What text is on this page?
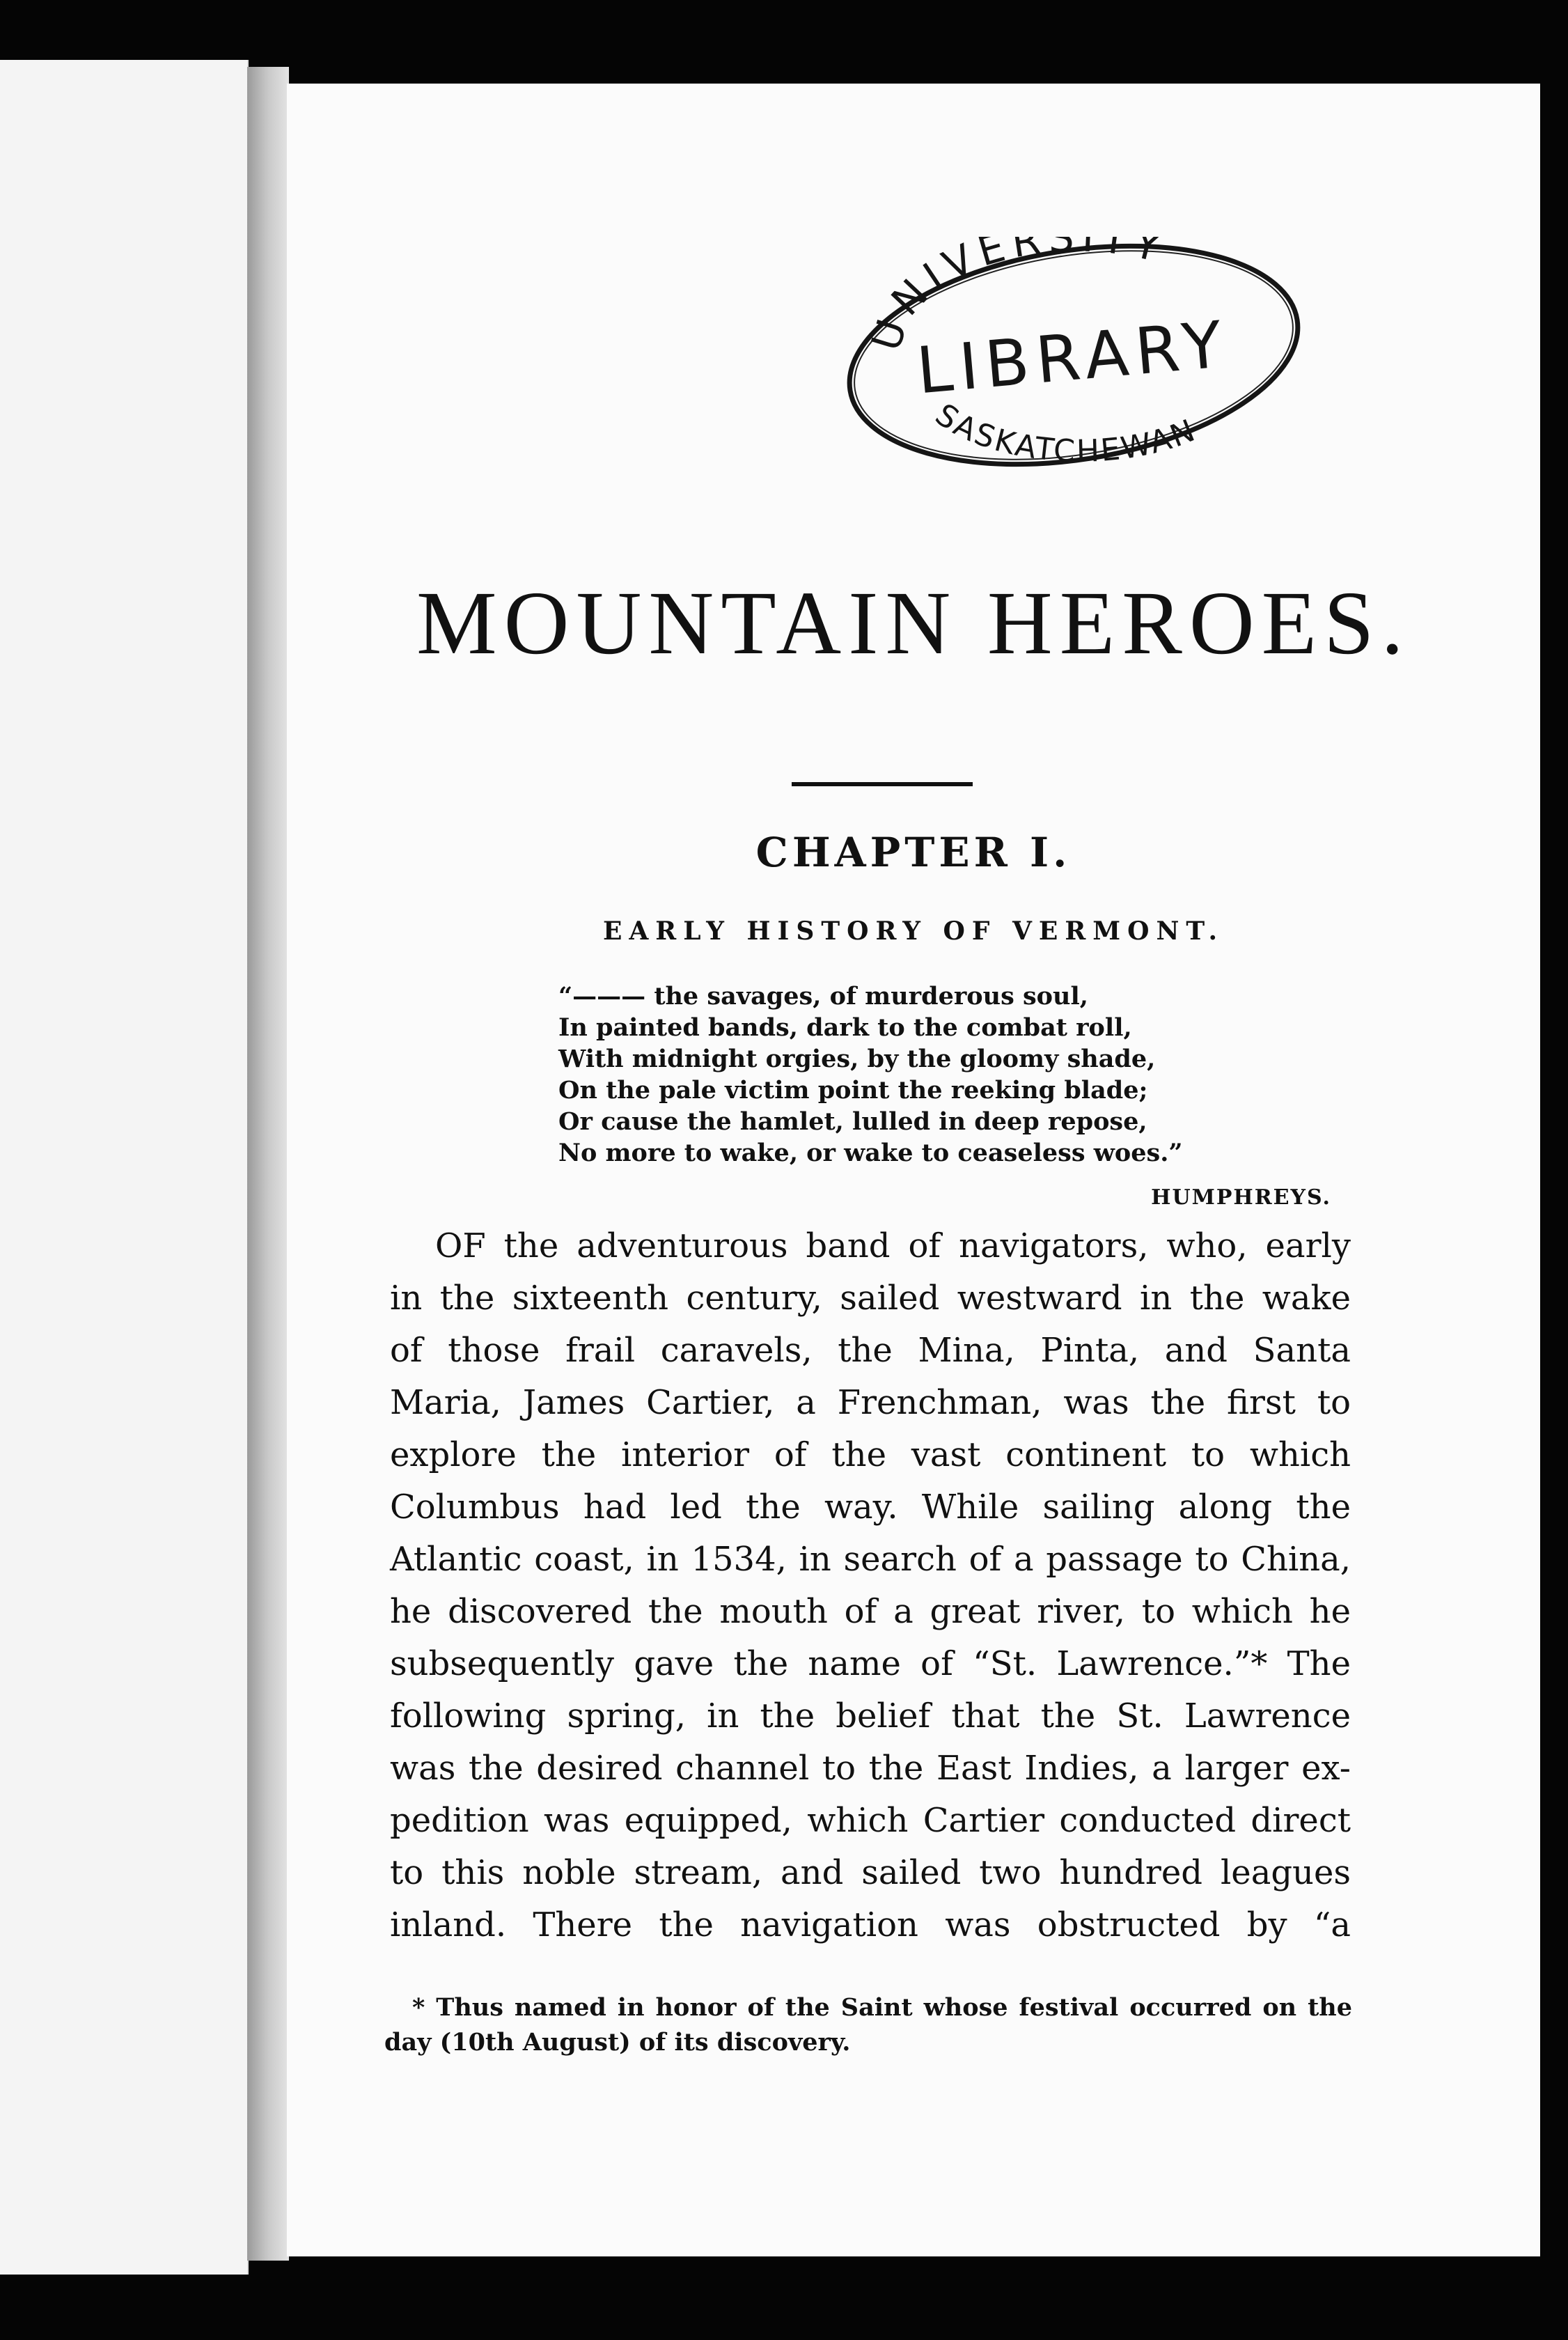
UNIVERSITY
LIBRARY
SASKATCHEWAN
MOUNTAIN HEROES.
CHAPTER I.
EARLY HISTORY OF VERMONT.
“——— the savages, of murderous soul,
In painted bands, dark to the combat roll,
With midnight orgies, by the gloomy shade,
On the pale victim point the reeking blade;
Or cause the hamlet, lulled in deep repose,
No more to wake, or wake to ceaseless woes.”
HUMPHREYS.
OF the adventurous band of navigators, who, early
in the sixteenth century, sailed westward in the wake
of those frail caravels, the Mina, Pinta, and Santa
Maria, James Cartier, a Frenchman, was the first to
explore the interior of the vast continent to which
Columbus had led the way. While sailing along the
Atlantic coast, in 1534, in search of a passage to China,
he discovered the mouth of a great river, to which he
subsequently gave the name of “St. Lawrence.”* The
following spring, in the belief that the St. Lawrence
was the desired channel to the East Indies, a larger ex-
pedition was equipped, which Cartier conducted direct
to this noble stream, and sailed two hundred leagues
inland. There the navigation was obstructed by “a
* Thus named in honor of the Saint whose festival occurred on the
day (10th August) of its discovery.
